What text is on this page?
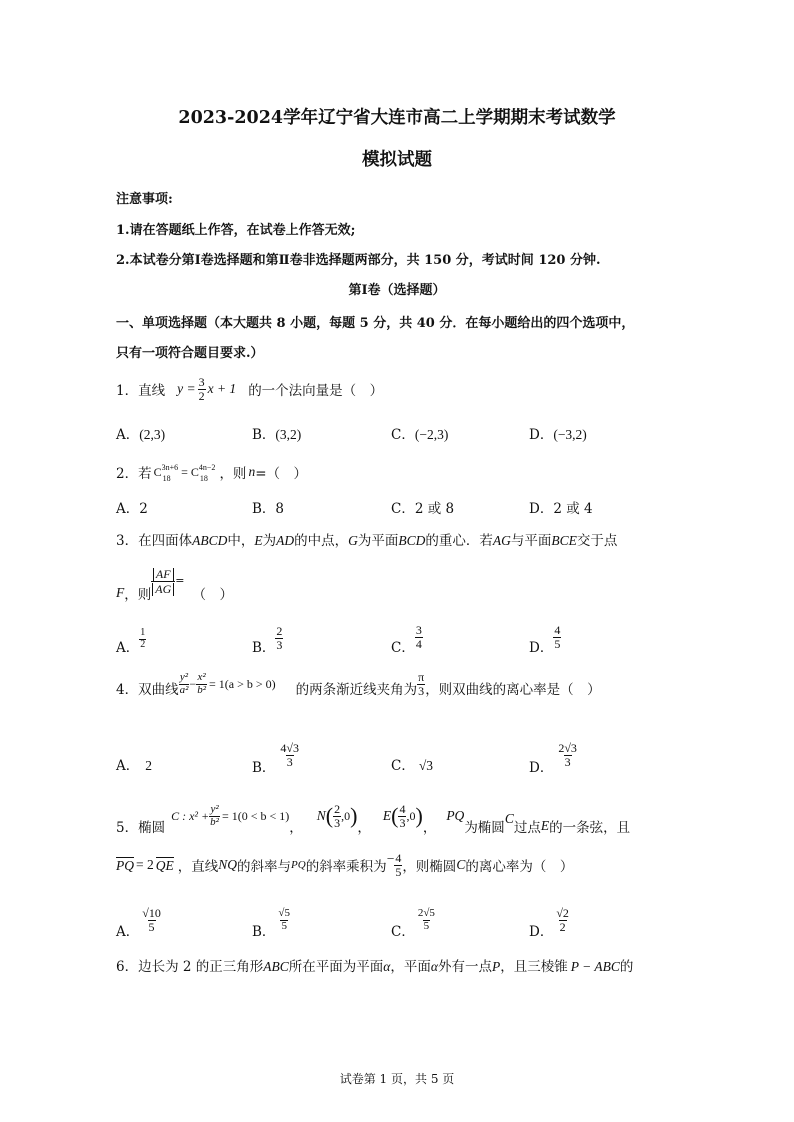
2023-2024学年辽宁省大连市高二上学期期末考试数学
模拟试题
注意事项:
1.请在答题纸上作答，在试卷上作答无效;
2.本试卷分第Ⅰ卷选择题和第Ⅱ卷非选择题两部分，共 150 分，考试时间 120 分钟.
第Ⅰ卷（选择题）
一、单项选择题（本大题共 8 小题，每题 5 分，共 40 分．在每小题给出的四个选项中，
只有一项符合题目要求.）
1．直线 $y = \frac{3}{2}$ x + 1 的一个法向量是（　）
A．(2,3)	B．(3,2)	C．(−2,3)	D．(−3,2)
2．若 $C^{3n+6}$
$18 = C^{4n-2}$
18 ，则 n =（　）
A．2	B．8	C．2 或 8	D．2 或 4
3．在四面体ABCD中，E为AD的中点，G为平面BCD的重心．若AG与平面BCE交于点
F ，则 $\frac{AF}{AG}$ =
（　）
A． $\frac{1}{2}$	B． $\frac{2}{3}$	C． $\frac{3}{4}$	D． $\frac{4}{5}$
4．双曲线 $\frac{\text{y²}}{\text{a²}} - \frac{\text{x²}}{\text{b²}} = 1(a > b > 0)$ 的两条渐近线夹角为 $\frac{\pi}{3}$ ，则双曲线的离心率是（　）
A． 2	B． $\frac{4√3}{3}$	C． √3	D． $\frac{2√3}{3}$
5．椭圆
C : $x^2 + \frac{\text{y²}}{\text{b²}} = 1(0 < b < 1)$
，
N ( $\frac{2}{3} ,0$ ) ，
E ( $\frac{4}{3} ,0$ ) ，
PQ
为椭圆
C
过点 E 的一条弦，且
PQ = 2 QE ，直线 NQ 的斜率与 PQ 的斜率乘积为
− $\frac{4}{5}$ ，则椭圆 C 的离心率为（　）
A． $\frac{√10}{5}$	B． $\frac{√5}{5}$	C． $\frac{2√5}{5}$	D． $\frac{√2}{2}$
6．边长为 2 的正三角形ABC所在平面为平面α，平面α外有一点P，且三棱锥 P − ABC的
试卷第 1 页，共 5 页
